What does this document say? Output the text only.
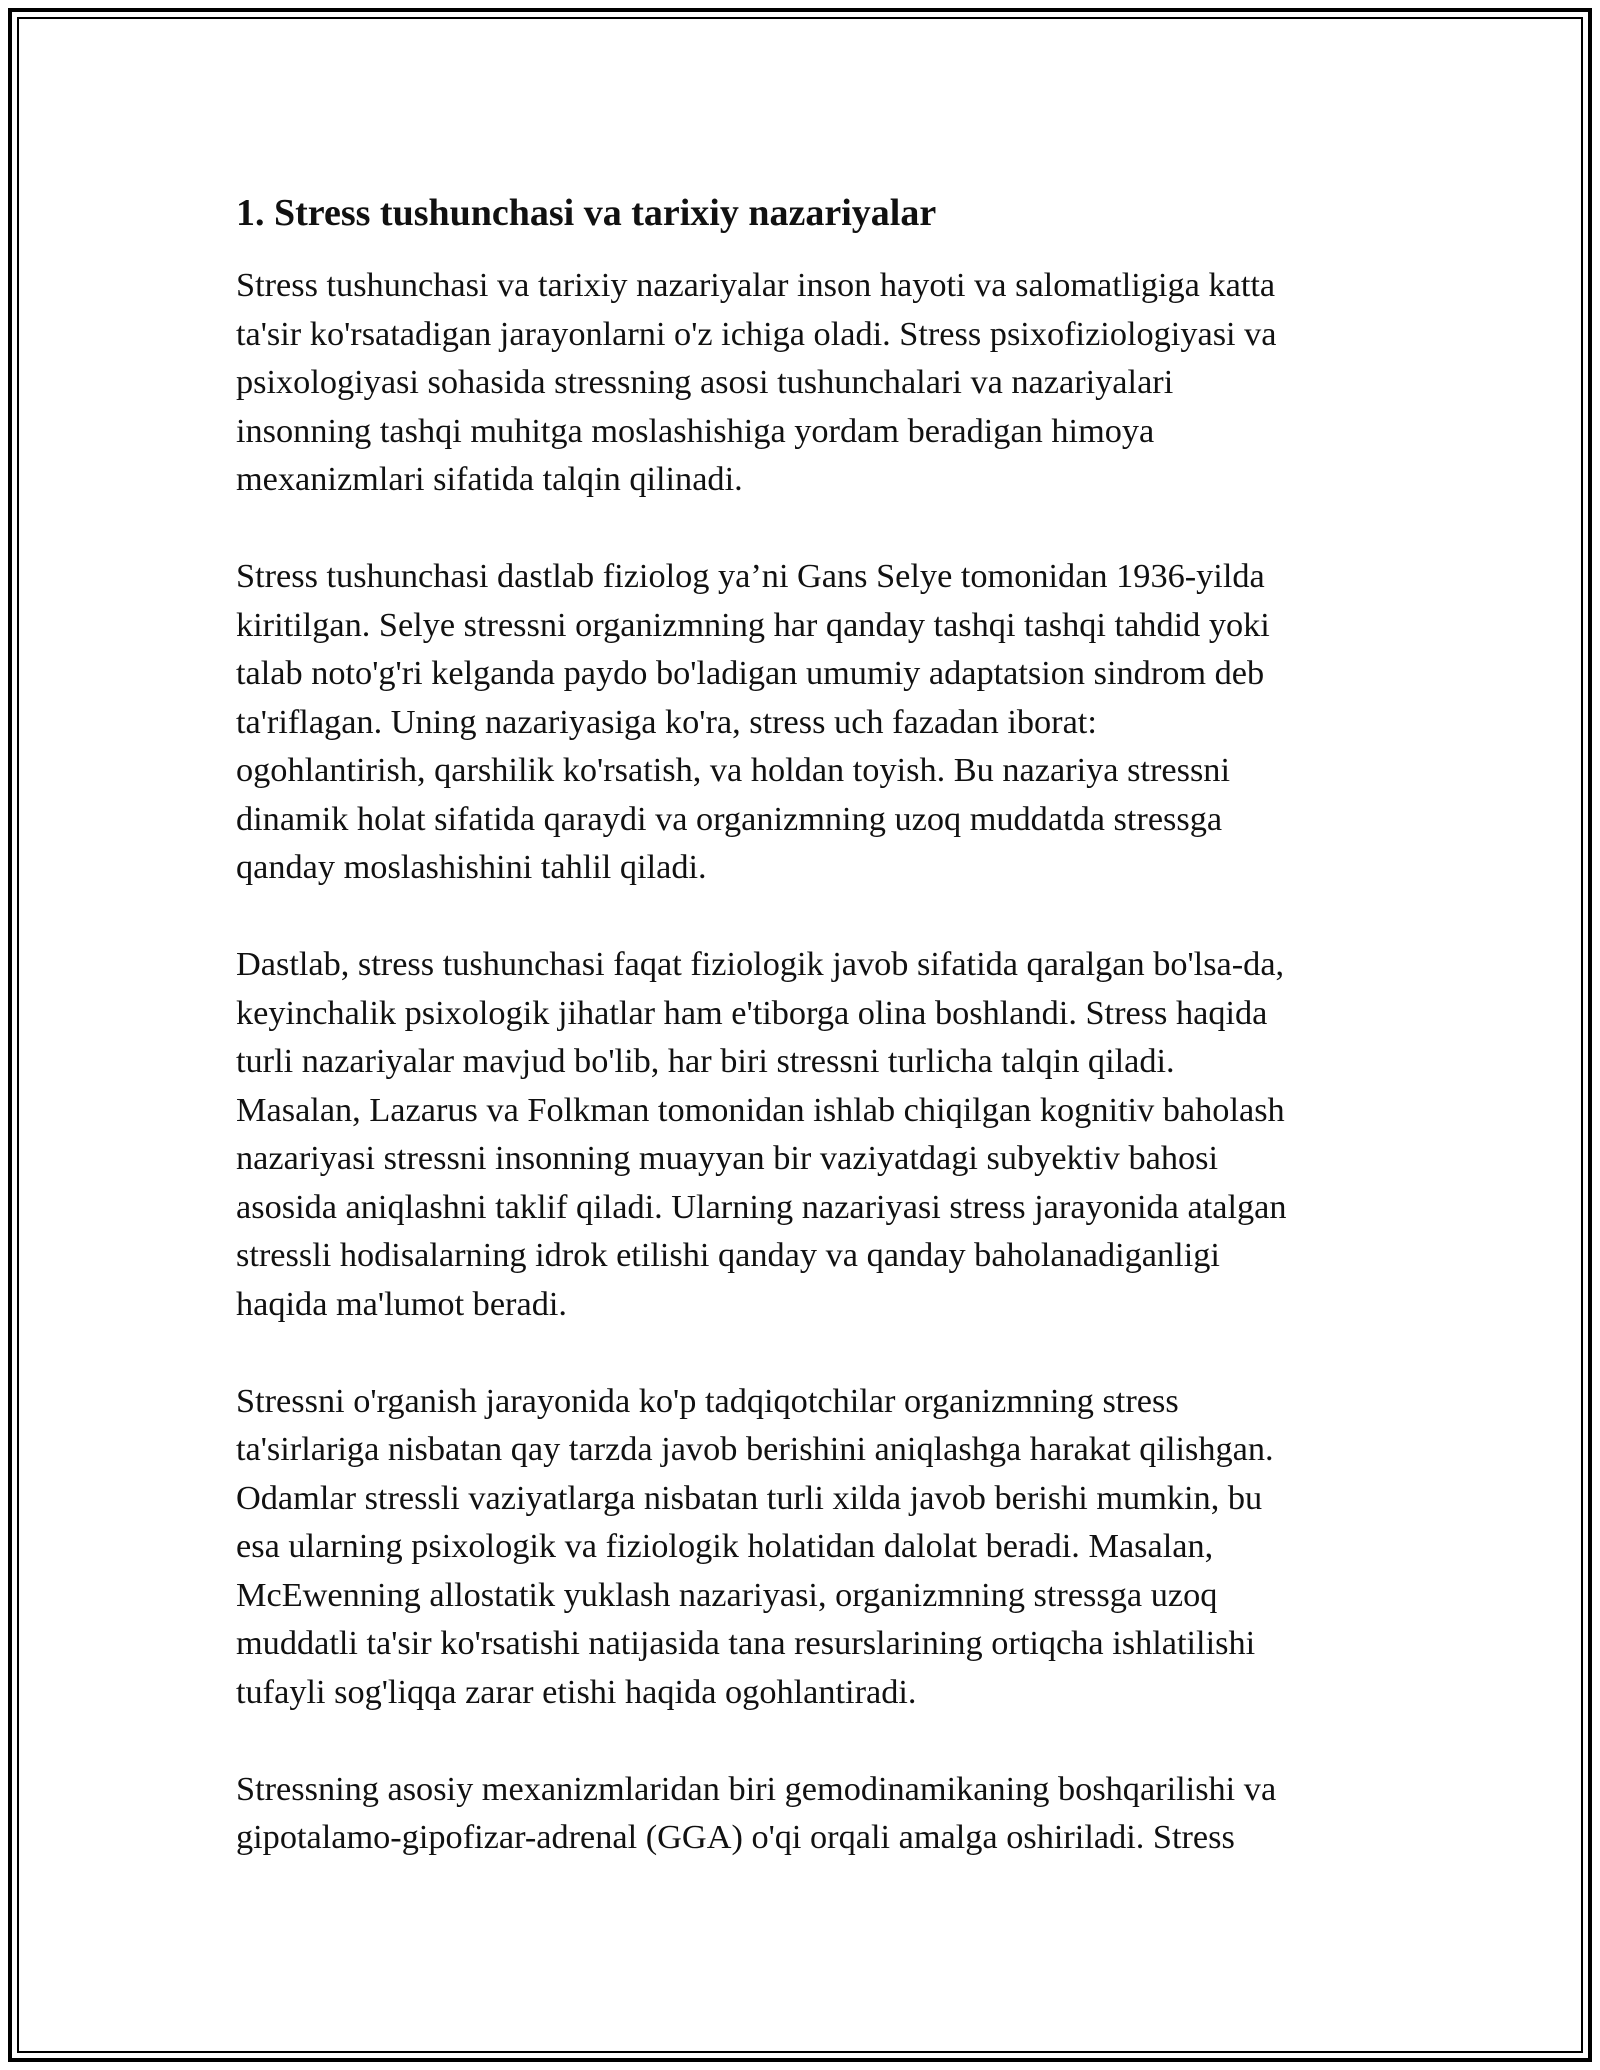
1. Stress tushunchasi va tarixiy nazariyalar

Stress tushunchasi va tarixiy nazariyalar inson hayoti va salomatligiga katta
ta'sir ko'rsatadigan jarayonlarni o'z ichiga oladi. Stress psixofiziologiyasi va
psixologiyasi sohasida stressning asosi tushunchalari va nazariyalari
insonning tashqi muhitga moslashishiga yordam beradigan himoya
mexanizmlari sifatida talqin qilinadi.

Stress tushunchasi dastlab fiziolog ya’ni Gans Selye tomonidan 1936-yilda
kiritilgan. Selye stressni organizmning har qanday tashqi tashqi tahdid yoki
talab noto'g'ri kelganda paydo bo'ladigan umumiy adaptatsion sindrom deb
ta'riflagan. Uning nazariyasiga ko'ra, stress uch fazadan iborat:
ogohlantirish, qarshilik ko'rsatish, va holdan toyish. Bu nazariya stressni
dinamik holat sifatida qaraydi va organizmning uzoq muddatda stressga
qanday moslashishini tahlil qiladi.

Dastlab, stress tushunchasi faqat fiziologik javob sifatida qaralgan bo'lsa-da,
keyinchalik psixologik jihatlar ham e'tiborga olina boshlandi. Stress haqida
turli nazariyalar mavjud bo'lib, har biri stressni turlicha talqin qiladi.
Masalan, Lazarus va Folkman tomonidan ishlab chiqilgan kognitiv baholash
nazariyasi stressni insonning muayyan bir vaziyatdagi subyektiv bahosi
asosida aniqlashni taklif qiladi. Ularning nazariyasi stress jarayonida atalgan
stressli hodisalarning idrok etilishi qanday va qanday baholanadiganligi
haqida ma'lumot beradi.

Stressni o'rganish jarayonida ko'p tadqiqotchilar organizmning stress
ta'sirlariga nisbatan qay tarzda javob berishini aniqlashga harakat qilishgan.
Odamlar stressli vaziyatlarga nisbatan turli xilda javob berishi mumkin, bu
esa ularning psixologik va fiziologik holatidan dalolat beradi. Masalan,
McEwenning allostatik yuklash nazariyasi, organizmning stressga uzoq
muddatli ta'sir ko'rsatishi natijasida tana resurslarining ortiqcha ishlatilishi
tufayli sog'liqqa zarar etishi haqida ogohlantiradi.

Stressning asosiy mexanizmlaridan biri gemodinamikaning boshqarilishi va
gipotalamo-gipofizar-adrenal (GGA) o'qi orqali amalga oshiriladi. Stress
